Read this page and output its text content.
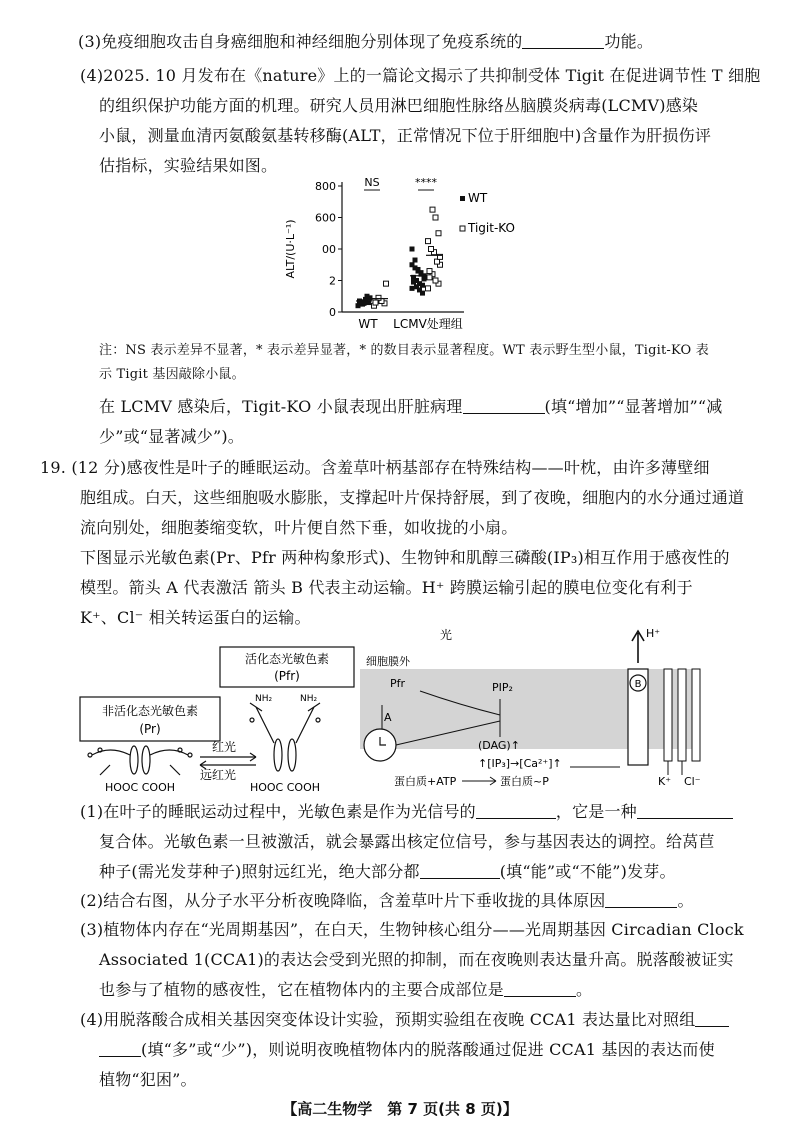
(3)免疫细胞攻击自身癌细胞和神经细胞分别体现了免疫系统的	功能。
(4)2025. 10 月发布在《nature》上的一篇论文揭示了共抑制受体 Tigit 在促进调节性 T 细胞
的组织保护功能方面的机理。研究人员用淋巴细胞性脉络丛脑膜炎病毒(LCMV)感染
小鼠，测量血清丙氨酸氨基转移酶(ALT，正常情况下位于肝细胞中)含量作为肝损伤评
估指标，实验结果如图。
0
2
00
600
800
ALT/(U·L⁻¹)
WT LCMV处理组
NS	****
WT
Tigit-KO
注：NS 表示差异不显著，* 表示差异显著，* 的数目表示显著程度。WT 表示野生型小鼠，Tigit-KO 表
示 Tigit 基因敲除小鼠。
在 LCMV 感染后，Tigit-KO 小鼠表现出肝脏病理	(填“增加”“显著增加”“减
少”或“显著减少”)。
19. (12 分)感夜性是叶子的睡眠运动。含羞草叶柄基部存在特殊结构——叶枕，由许多薄壁细
胞组成。白天，这些细胞吸水膨胀，支撑起叶片保持舒展，到了夜晚，细胞内的水分通过通道
流向别处，细胞萎缩变软，叶片便自然下垂，如收拢的小扇。
下图显示光敏色素(Pr、Pfr 两种构象形式)、生物钟和肌醇三磷酸(IP₃)相互作用于感夜性的
模型。箭头 A 代表激活 箭头 B 代表主动运输。H⁺ 跨膜运输引起的膜电位变化有利于
K⁺、Cl⁻ 相关转运蛋白的运输。
活化态光敏色素
(Pfr)
非活化态光敏色素
(Pr)
HOOC COOH
NH₂	NH₂
HOOC COOH
红光
远红光
光
细胞膜外
H⁺
B
K⁺ Cl⁻
Pfr	PIP₂
A
(DAG)↑
↑[IP₃]→[Ca²⁺]↑
蛋白质+ATP	蛋白质~P
(1)在叶子的睡眠运动过程中，光敏色素是作为光信号的	，它是一种
复合体。光敏色素一旦被激活，就会暴露出核定位信号，参与基因表达的调控。给莴苣
种子(需光发芽种子)照射远红光，绝大部分都	(填“能”或“不能”)发芽。
(2)结合右图，从分子水平分析夜晚降临，含羞草叶片下垂收拢的具体原因	。
(3)植物体内存在“光周期基因”，在白天，生物钟核心组分——光周期基因 Circadian Clock
Associated 1(CCA1)的表达会受到光照的抑制，而在夜晚则表达量升高。脱落酸被证实
也参与了植物的感夜性，它在植物体内的主要合成部位是	。
(4)用脱落酸合成相关基因突变体设计实验，预期实验组在夜晚 CCA1 表达量比对照组
(填“多”或“少”)，则说明夜晚植物体内的脱落酸通过促进 CCA1 基因的表达而使
植物“犯困”。
【高二生物学　第 7 页(共 8 页)】
